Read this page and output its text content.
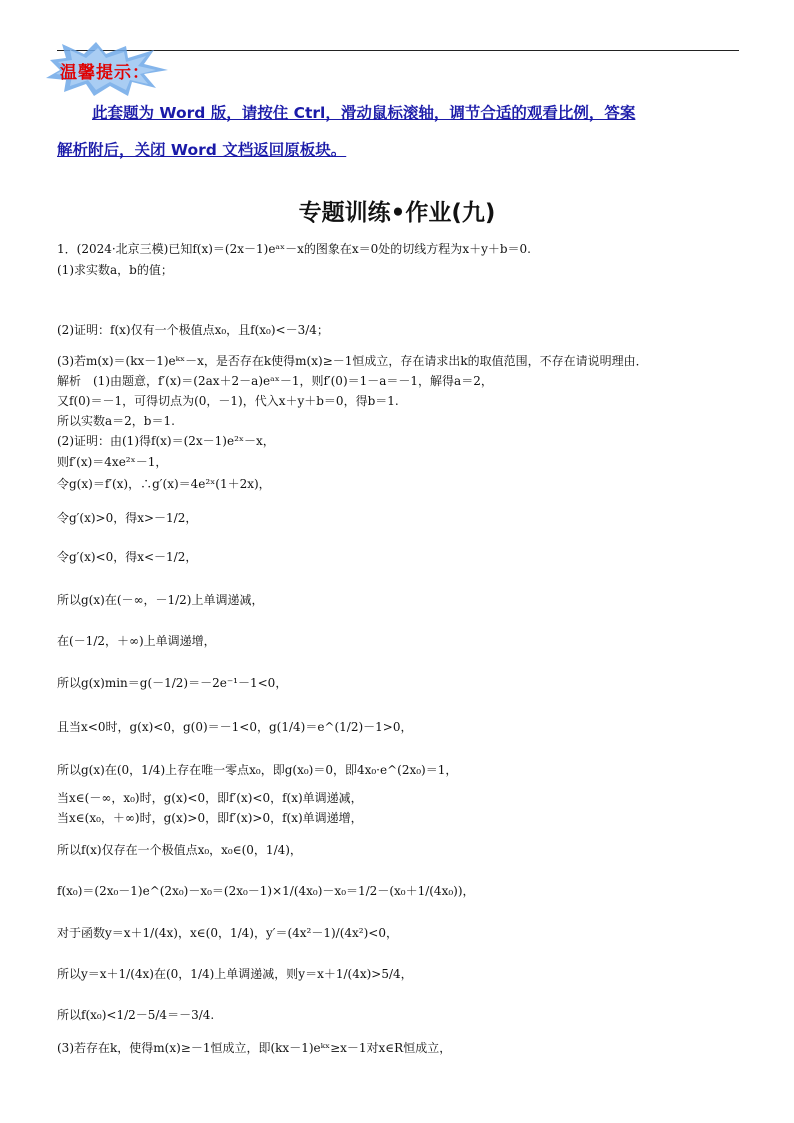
温馨提示：
此套题为 Word 版，请按住 Ctrl，滑动鼠标滚轴，调节合适的观看比例，答案
解析附后，关闭 Word 文档返回原板块。
专题训练•作业(九)
1．(2024·北京三模)已知f(x)＝(2x－1)eᵃˣ－x的图象在x＝0处的切线方程为x＋y＋b＝0.
(1)求实数a，b的值；
(2)证明：f(x)仅有一个极值点x₀，且f(x₀)<－3/4；
(3)若m(x)＝(kx－1)eᵏˣ－x，是否存在k使得m(x)≥－1恒成立，存在请求出k的取值范围，不存在请说明理由．
解析　(1)由题意，f′(x)＝(2ax＋2－a)eᵃˣ－1，则f′(0)＝1－a＝－1，解得a＝2，
又f(0)＝－1，可得切点为(0，－1)，代入x＋y＋b＝0，得b＝1.
所以实数a＝2，b＝1.
(2)证明：由(1)得f(x)＝(2x－1)e²ˣ－x，
则f′(x)＝4xe²ˣ－1，
令g(x)＝f′(x)，∴g′(x)＝4e²ˣ(1＋2x)，
令g′(x)>0，得x>－1/2，
令g′(x)<0，得x<－1/2，
所以g(x)在(－∞，－1/2)上单调递减，
在(－1/2，＋∞)上单调递增，
所以g(x)min＝g(－1/2)＝－2e⁻¹－1<0，
且当x<0时，g(x)<0，g(0)＝－1<0，g(1/4)＝e^(1/2)－1>0，
所以g(x)在(0，1/4)上存在唯一零点x₀，即g(x₀)＝0，即4x₀·e^(2x₀)＝1，
当x∈(－∞，x₀)时，g(x)<0，即f′(x)<0，f(x)单调递减，
当x∈(x₀，＋∞)时，g(x)>0，即f′(x)>0，f(x)单调递增，
所以f(x)仅存在一个极值点x₀，x₀∈(0，1/4)，
f(x₀)＝(2x₀－1)e^(2x₀)－x₀＝(2x₀－1)×1/(4x₀)－x₀＝1/2－(x₀＋1/(4x₀))，
对于函数y＝x＋1/(4x)，x∈(0，1/4)，y′＝(4x²－1)/(4x²)<0，
所以y＝x＋1/(4x)在(0，1/4)上单调递减，则y＝x＋1/(4x)>5/4，
所以f(x₀)<1/2－5/4＝－3/4.
(3)若存在k，使得m(x)≥－1恒成立，即(kx－1)eᵏˣ≥x－1对x∈R恒成立，
